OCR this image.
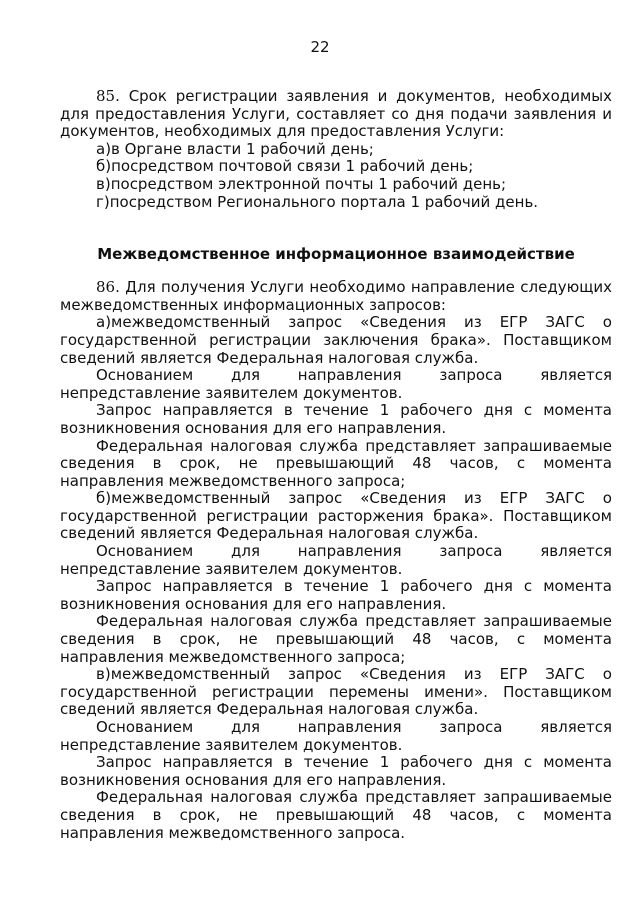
22

85. Срок регистрации заявления и документов, необходимых для предоставления Услуги, составляет со дня подачи заявления и документов, необходимых для предоставления Услуги:

а)в Органе власти 1 рабочий день;

б)посредством почтовой связи 1 рабочий день;

в)посредством электронной почты 1 рабочий день;

г)посредством Регионального портала 1 рабочий день.

Межведомственное информационное взаимодействие

86. Для получения Услуги необходимо направление следующих межведомственных информационных запросов:

а)межведомственный запрос «Сведения из ЕГР ЗАГС о государственной регистрации заключения брака». Поставщиком сведений является Федеральная налоговая служба.

Основанием для направления запроса является непредставление заявителем документов.

Запрос направляется в течение 1 рабочего дня с момента возникновения основания для его направления.

Федеральная налоговая служба представляет запрашиваемые сведения в срок, не превышающий 48 часов, с момента направления межведомственного запроса;

б)межведомственный запрос «Сведения из ЕГР ЗАГС о государственной регистрации расторжения брака». Поставщиком сведений является Федеральная налоговая служба.

Основанием для направления запроса является непредставление заявителем документов.

Запрос направляется в течение 1 рабочего дня с момента возникновения основания для его направления.

Федеральная налоговая служба представляет запрашиваемые сведения в срок, не превышающий 48 часов, с момента направления межведомственного запроса;

в)межведомственный запрос «Сведения из ЕГР ЗАГС о государственной регистрации перемены имени». Поставщиком сведений является Федеральная налоговая служба.

Основанием для направления запроса является непредставление заявителем документов.

Запрос направляется в течение 1 рабочего дня с момента возникновения основания для его направления.

Федеральная налоговая служба представляет запрашиваемые сведения в срок, не превышающий 48 часов, с момента направления межведомственного запроса.
